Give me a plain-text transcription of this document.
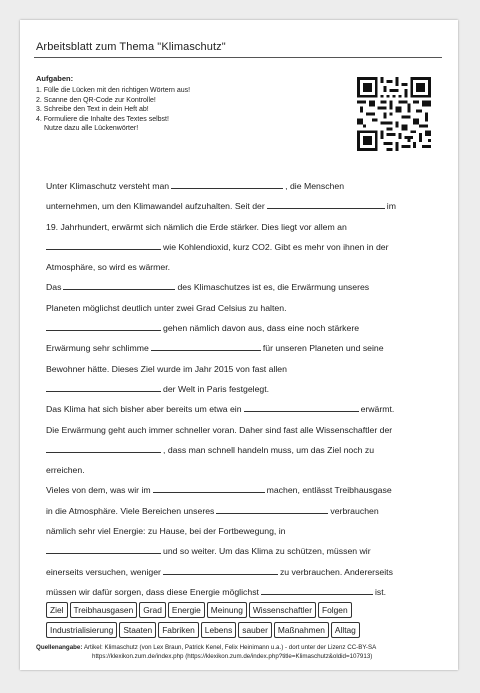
Arbeitsblatt zum Thema "Klimaschutz"
Aufgaben:
1. Fülle die Lücken mit den richtigen Wörtern aus!
2. Scanne den QR-Code zur Kontrolle!
3. Schreibe den Text in dein Heft ab!
4. Formuliere die Inhalte des Textes selbst!
Nutze dazu alle Lückenwörter!
Unter Klimaschutz versteht man	, die Menschen
unternehmen, um den Klimawandel aufzuhalten. Seit der	im
19. Jahrhundert, erwärmt sich nämlich die Erde stärker. Dies liegt vor allem an
wie Kohlendioxid, kurz CO2. Gibt es mehr von ihnen in der
Atmosphäre, so wird es wärmer.
Das	des Klimaschutzes ist es, die Erwärmung unseres
Planeten möglichst deutlich unter zwei Grad Celsius zu halten.
gehen nämlich davon aus, dass eine noch stärkere
Erwärmung sehr schlimme	für unseren Planeten und seine
Bewohner hätte. Dieses Ziel wurde im Jahr 2015 von fast allen
der Welt in Paris festgelegt.
Das Klima hat sich bisher aber bereits um etwa ein	erwärmt.
Die Erwärmung geht auch immer schneller voran. Daher sind fast alle Wissenschaftler der
, dass man schnell handeln muss, um das Ziel noch zu
erreichen.
Vieles von dem, was wir im	machen, entlässt Treibhausgase
in die Atmosphäre. Viele Bereichen unseres	verbrauchen
nämlich sehr viel Energie: zu Hause, bei der Fortbewegung, in
und so weiter. Um das Klima zu schützen, müssen wir
einerseits versuchen, weniger	zu verbrauchen. Andererseits
müssen wir dafür sorgen, dass diese Energie möglichst	ist.
Ziel	Treibhausgasen	Grad	Energie	Meinung	Wissenschaftler	Folgen
Industrialisierung	Staaten	Fabriken	Lebens	sauber	Maßnahmen	Alltag
Quellenangabe: Artikel: Klimaschutz (von Lex Braun, Patrick Kenel, Felix Heinimann u.a.) - dort unter der Lizenz CC-BY-SA
https://klexikon.zum.de/index.php (https://klexikon.zum.de/index.php?title=Klimaschutz&oldid=107913)
